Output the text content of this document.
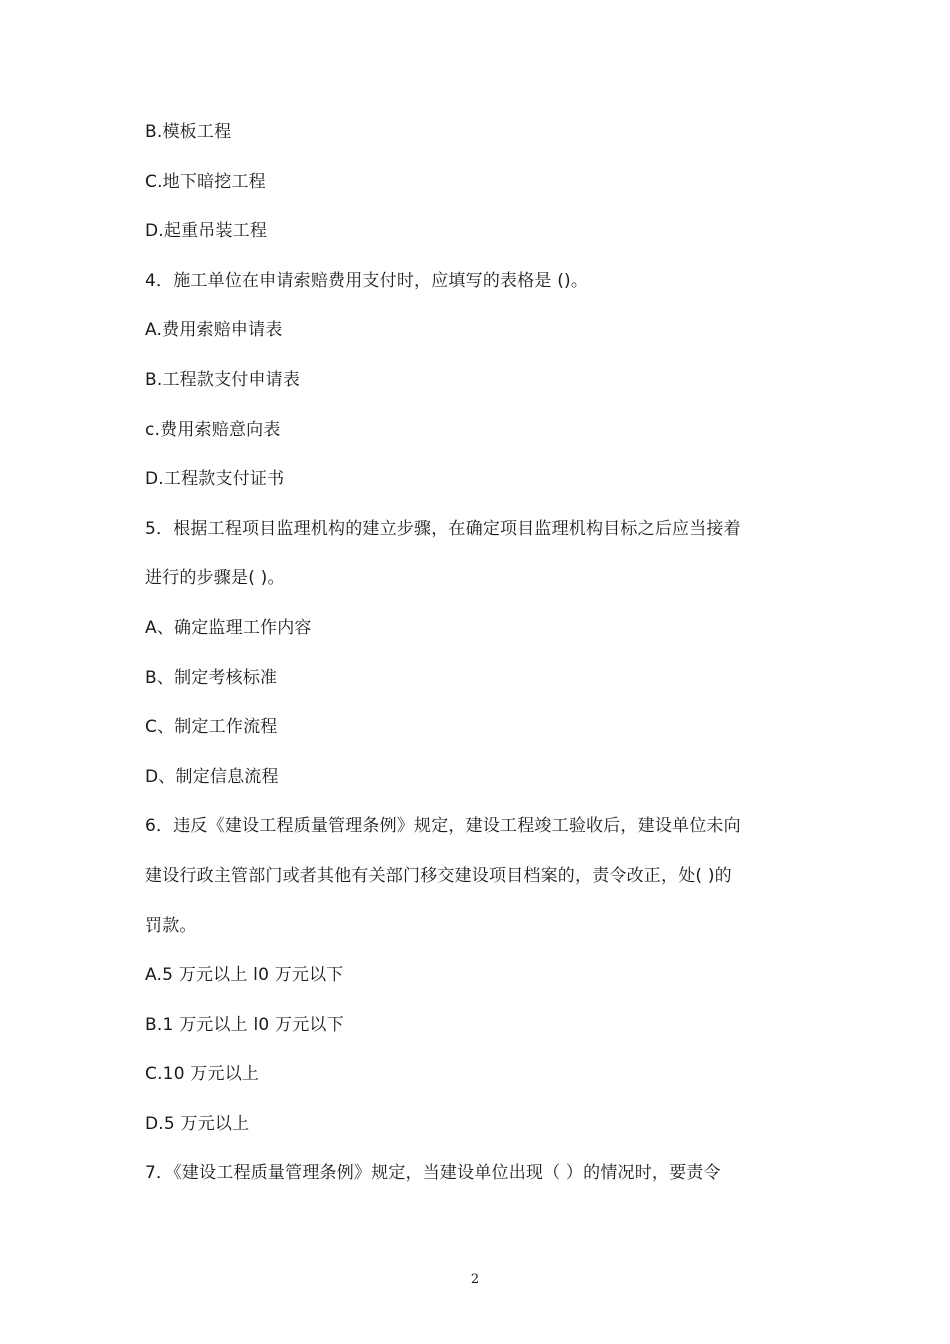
B.模板工程
C.地下暗挖工程
D.起重吊装工程
4．施工单位在申请索赔费用支付时，应填写的表格是 ()。
A.费用索赔申请表
B.工程款支付申请表
c.费用索赔意向表
D.工程款支付证书
5．根据工程项目监理机构的建立步骤，在确定项目监理机构目标之后应当接着
进行的步骤是( )。
A、确定监理工作内容
B、制定考核标准
C、制定工作流程
D、制定信息流程
6．违反《建设工程质量管理条例》规定，建设工程竣工验收后，建设单位未向
建设行政主管部门或者其他有关部门移交建设项目档案的，责令改正，处( )的
罚款。
A.5 万元以上 l0 万元以下
B.1 万元以上 l0 万元以下
C.10 万元以上
D.5 万元以上
7．《建设工程质量管理条例》规定，当建设单位出现（ ）的情况时，要责令
2
